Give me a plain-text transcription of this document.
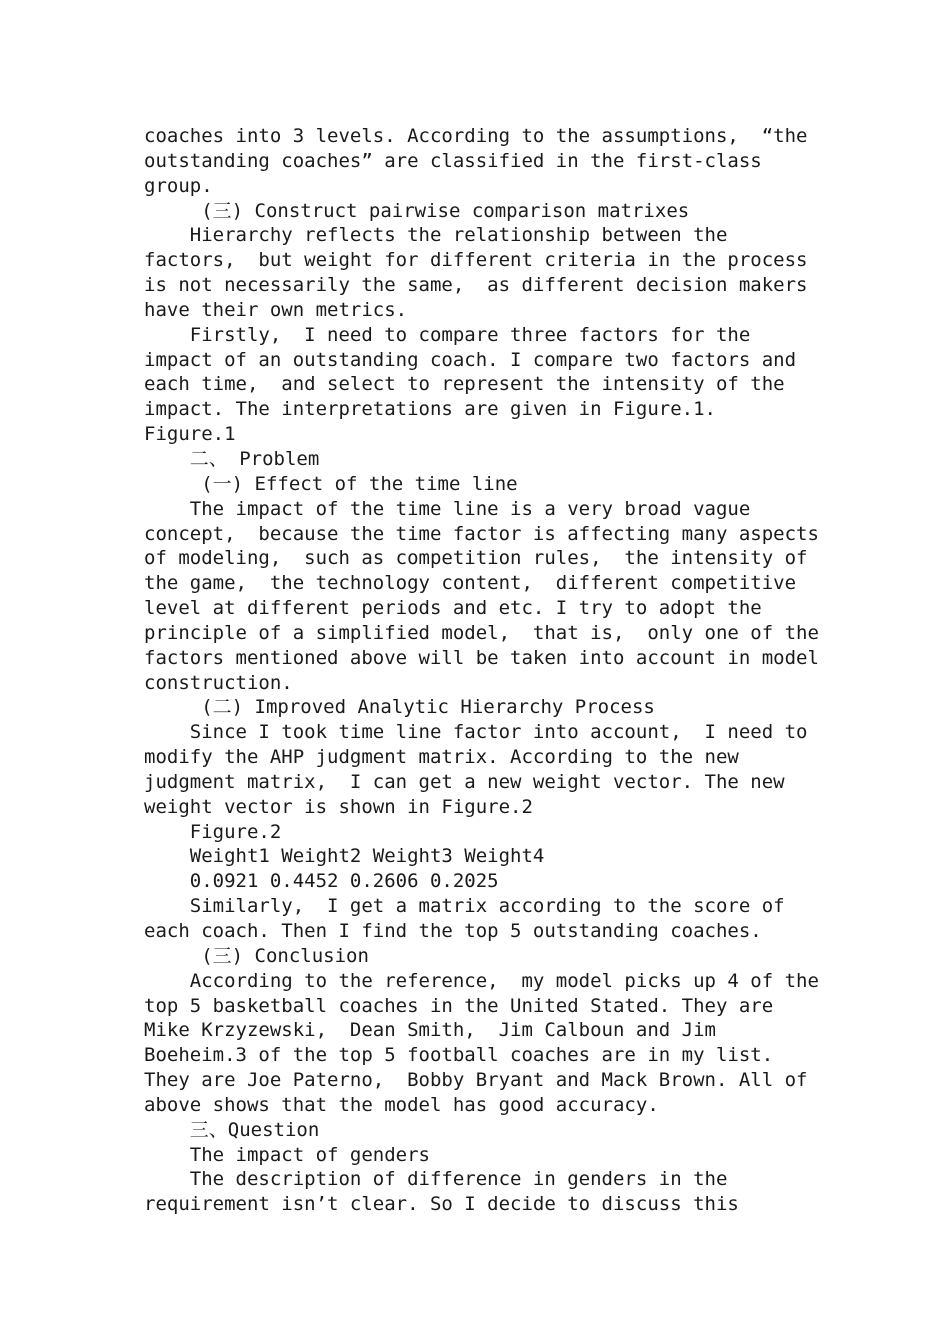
coaches into 3 levels. According to the assumptions,  “the
outstanding coaches” are classified in the first-class
group.
(三) Construct pairwise comparison matrixes
Hierarchy reflects the relationship between the
factors,  but weight for different criteria in the process
is not necessarily the same,  as different decision makers
have their own metrics.
Firstly,  I need to compare three factors for the
impact of an outstanding coach. I compare two factors and
each time,  and select to represent the intensity of the
impact. The interpretations are given in Figure.1.
Figure.1
二、 Problem
(一) Effect of the time line
The impact of the time line is a very broad vague
concept,  because the time factor is affecting many aspects
of modeling,  such as competition rules,  the intensity of
the game,  the technology content,  different competitive
level at different periods and etc. I try to adopt the
principle of a simplified model,  that is,  only one of the
factors mentioned above will be taken into account in model
construction.
(二) Improved Analytic Hierarchy Process
Since I took time line factor into account,  I need to
modify the AHP judgment matrix. According to the new
judgment matrix,  I can get a new weight vector. The new
weight vector is shown in Figure.2
Figure.2
Weight1 Weight2 Weight3 Weight4
0.0921 0.4452 0.2606 0.2025
Similarly,  I get a matrix according to the score of
each coach. Then I find the top 5 outstanding coaches.
(三) Conclusion
According to the reference,  my model picks up 4 of the
top 5 basketball coaches in the United Stated. They are
Mike Krzyzewski,  Dean Smith,  Jim Calboun and Jim
Boeheim.3 of the top 5 football coaches are in my list.
They are Joe Paterno,  Bobby Bryant and Mack Brown. All of
above shows that the model has good accuracy.
三、Question
The impact of genders
The description of difference in genders in the
requirement isn’t clear. So I decide to discuss this
